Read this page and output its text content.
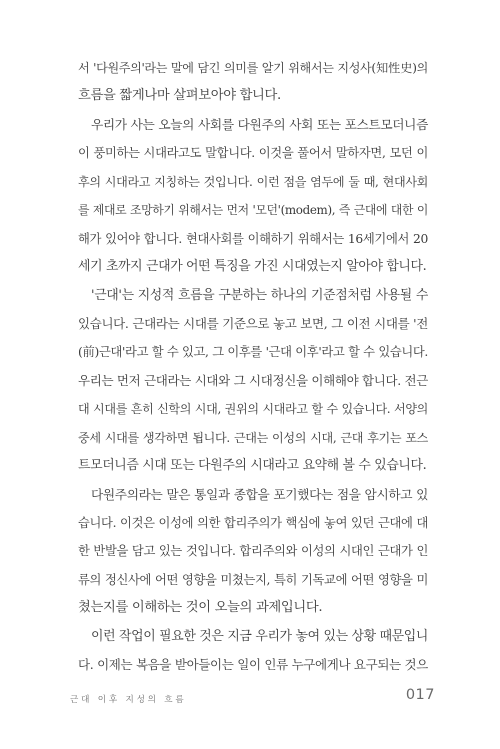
서 '다원주의'라는 말에 담긴 의미를 알기 위해서는 지성사(知性史)의
흐름을 짧게나마 살펴보아야 합니다.

우리가 사는 오늘의 사회를 다원주의 사회 또는 포스트모더니즘
이 풍미하는 시대라고도 말합니다. 이것을 풀어서 말하자면, 모던 이
후의 시대라고 지칭하는 것입니다. 이런 점을 염두에 둘 때, 현대사회
를 제대로 조망하기 위해서는 먼저 '모던'(modem), 즉 근대에 대한 이
해가 있어야 합니다. 현대사회를 이해하기 위해서는 16세기에서 20
세기 초까지 근대가 어떤 특징을 가진 시대였는지 알아야 합니다.

'근대'는 지성적 흐름을 구분하는 하나의 기준점처럼 사용될 수
있습니다. 근대라는 시대를 기준으로 놓고 보면, 그 이전 시대를 '전
(前)근대'라고 할 수 있고, 그 이후를 '근대 이후'라고 할 수 있습니다.
우리는 먼저 근대라는 시대와 그 시대정신을 이해해야 합니다. 전근
대 시대를 흔히 신학의 시대, 권위의 시대라고 할 수 있습니다. 서양의
중세 시대를 생각하면 됩니다. 근대는 이성의 시대, 근대 후기는 포스
트모더니즘 시대 또는 다원주의 시대라고 요약해 볼 수 있습니다.

다원주의라는 말은 통일과 종합을 포기했다는 점을 암시하고 있
습니다. 이것은 이성에 의한 합리주의가 핵심에 놓여 있던 근대에 대
한 반발을 담고 있는 것입니다. 합리주의와 이성의 시대인 근대가 인
류의 정신사에 어떤 영향을 미쳤는지, 특히 기독교에 어떤 영향을 미
쳤는지를 이해하는 것이 오늘의 과제입니다.

이런 작업이 필요한 것은 지금 우리가 놓여 있는 상황 때문입니
다. 이제는 복음을 받아들이는 일이 인류 누구에게나 요구되는 것으

근대 이후 지성의 흐름	017
